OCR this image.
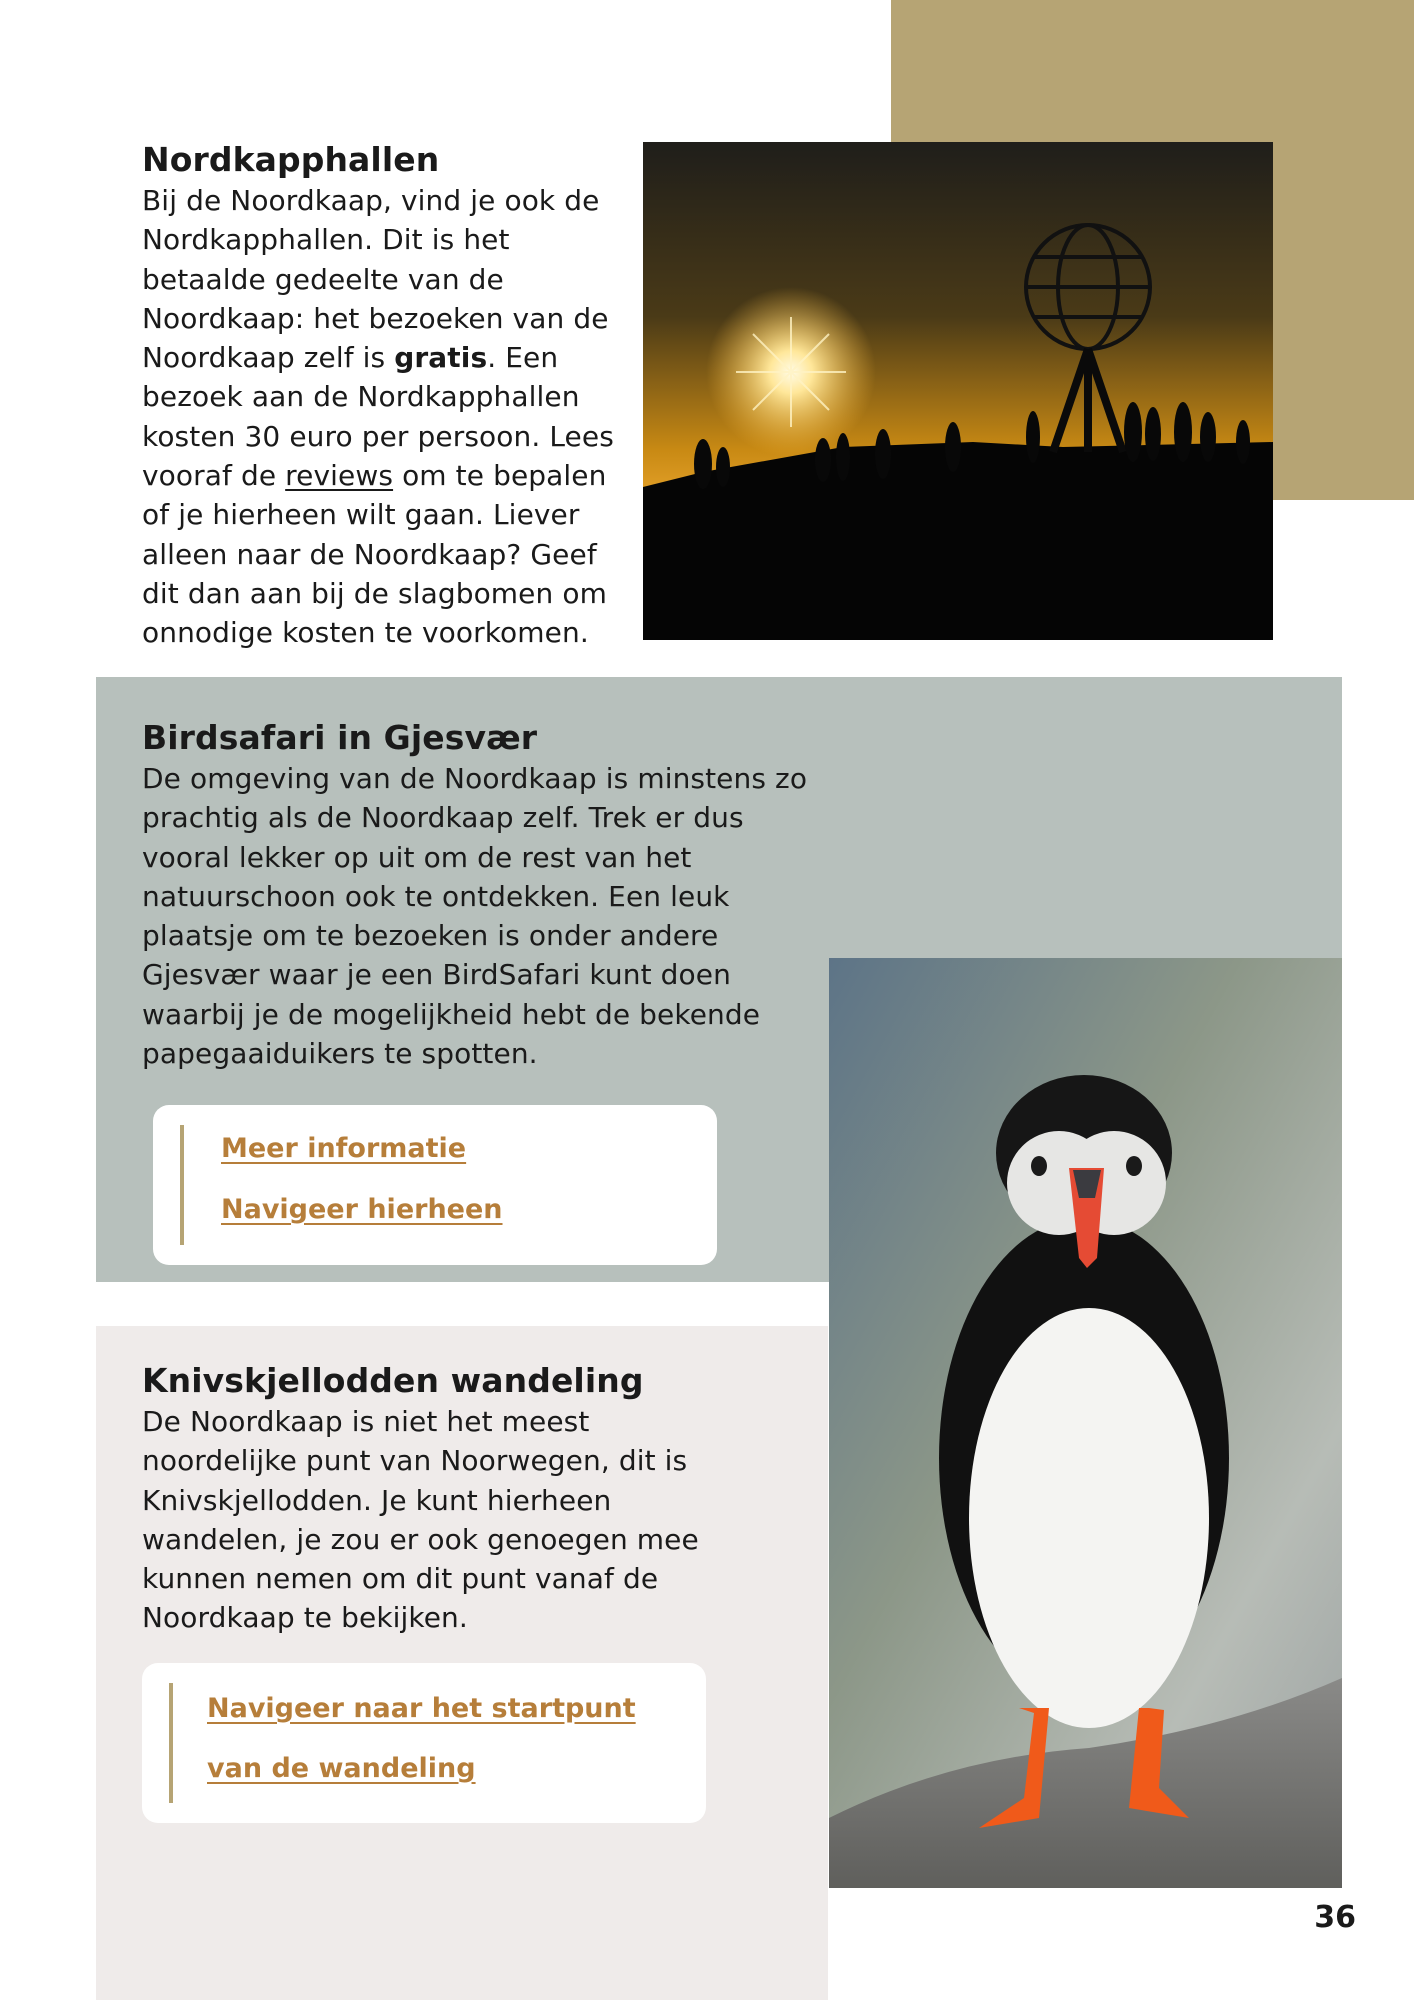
Nordkapphallen

Bij de Noordkaap, vind je ook de Nordkapphallen. Dit is het betaalde gedeelte van de Noordkaap: het bezoeken van de Noordkaap zelf is gratis. Een bezoek aan de Nordkapphallen kosten 30 euro per persoon. Lees vooraf de reviews om te bepalen of je hierheen wilt gaan. Liever alleen naar de Noordkaap? Geef dit dan aan bij de slagbomen om onnodige kosten te voorkomen.

Birdsafari in Gjesvær

De omgeving van de Noordkaap is minstens zo prachtig als de Noordkaap zelf. Trek er dus vooral lekker op uit om de rest van het natuurschoon ook te ontdekken. Een leuk plaatsje om te bezoeken is onder andere Gjesvær waar je een BirdSafari kunt doen waarbij je de mogelijkheid hebt de bekende papegaaiduikers te spotten.

Meer informatie
Navigeer hierheen
Knivskjellodden wandeling

De Noordkaap is niet het meest noordelijke punt van Noorwegen, dit is Knivskjellodden. Je kunt hierheen wandelen, je zou er ook genoegen mee kunnen nemen om dit punt vanaf de Noordkaap te bekijken.

Navigeer naar het startpunt
van de wandeling
36
